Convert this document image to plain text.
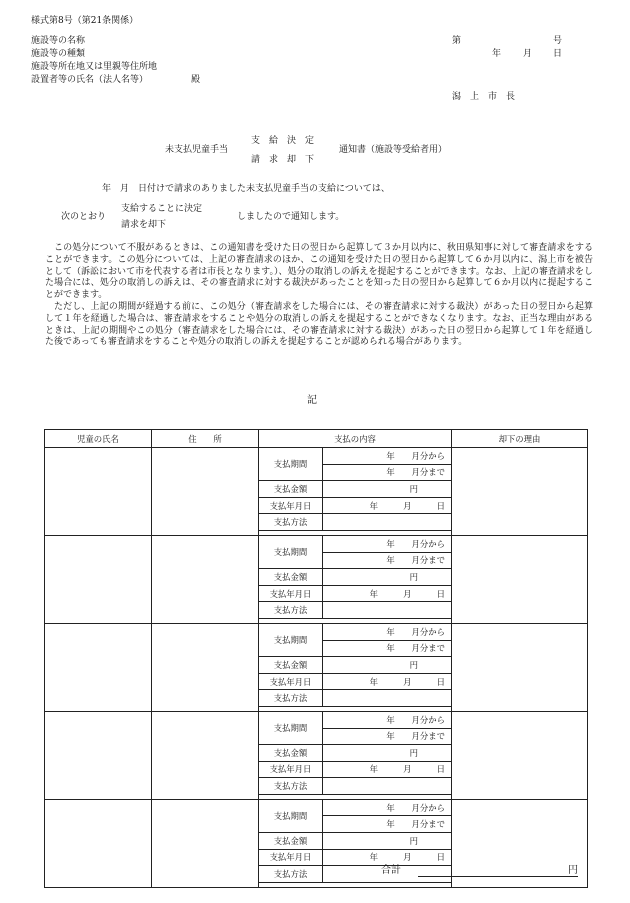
様式第8号（第21条関係）
施設等の名称
施設等の種類
施設等所在地又は里親等住所地
設置者等の氏名（法人名等）	殿
第	号
年 月 日
潟　上　市　長
未支払児童手当
支　給　決　定
請　求　却　下
通知書（施設等受給者用）
年　月　日付けで請求のありました未支払児童手当の支給については、
次のとおり
支給することに決定
請求を却下
しましたので通知します。

この処分について不服があるときは、この通知書を受けた日の翌日から起算して３か月以内に、秋田県知事に対して審査請求をすることができます。この処分については、上記の審査請求のほか、この通知を受けた日の翌日から起算して６か月以内に、潟上市を被告として（訴訟において市を代表する者は市長となります。）、処分の取消しの訴えを提起することができます。なお、上記の審査請求をした場合には、処分の取消しの訴えは、その審査請求に対する裁決があったことを知った日の翌日から起算して６か月以内に提起することができます。

ただし、上記の期間が経過する前に、この処分（審査請求をした場合には、その審査請求に対する裁決）があった日の翌日から起算して１年を経過した場合は、審査請求をすることや処分の取消しの訴えを提起することができなくなります。なお、正当な理由があるときは、上記の期間やこの処分（審査請求をした場合には、その審査請求に対する裁決）があった日の翌日から起算して１年を経過した後であっても審査請求をすることや処分の取消しの訴えを提起することが認められる場合があります。

記
児童の氏名	住　　所	支払の内容		却下の理由
		支払期間	年　　月分から	
			年　　月分まで	
		支払金額	円	
		支払年月日	年　　　月　　　日	
		支払方法		

		支払期間	年　　月分から	
			年　　月分まで	
		支払金額	円	
		支払年月日	年　　　月　　　日	
		支払方法		

		支払期間	年　　月分から	
			年　　月分まで	
		支払金額	円	
		支払年月日	年　　　月　　　日	
		支払方法		

		支払期間	年　　月分から	
			年　　月分まで	
		支払金額	円	
		支払年月日	年　　　月　　　日	
		支払方法		

		支払期間	年　　月分から	
			年　　月分まで	
		支払金額	円	
		支払年月日	年　　　月　　　日	
		支払方法			合計	円
